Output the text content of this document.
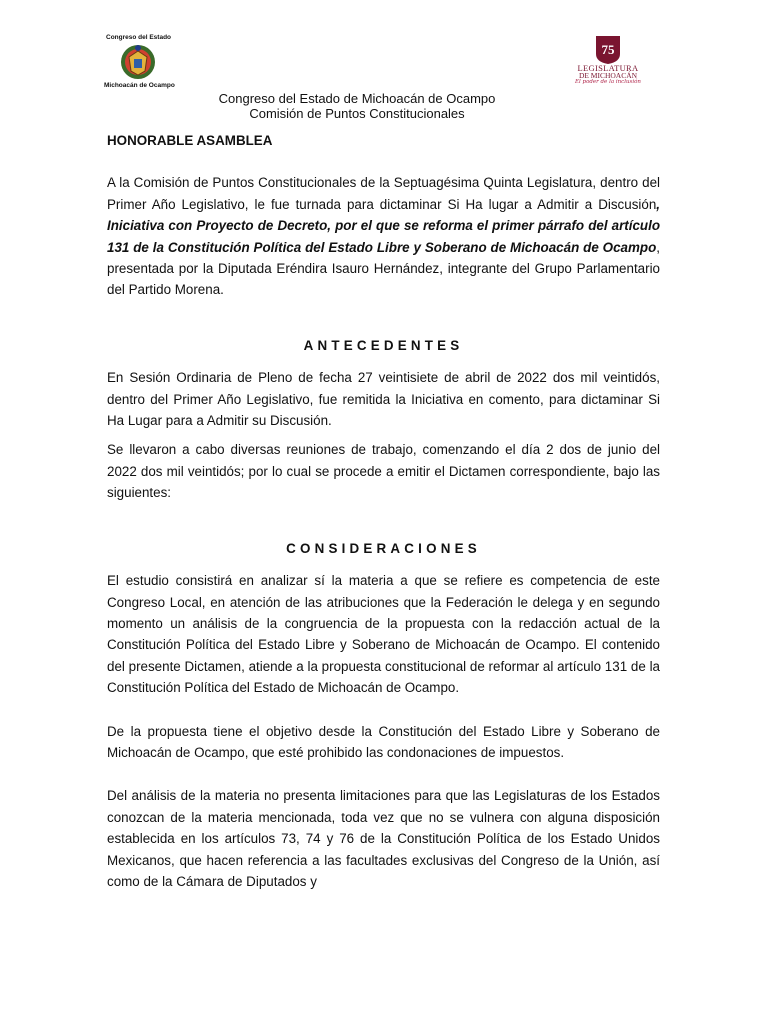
Congreso del Estado
Michoacán de Ocampo
75
LEGISLATURA
DE MICHOACÁN
El poder de la inclusión
Congreso del Estado de Michoacán de Ocampo
Comisión de Puntos Constitucionales

HONORABLE ASAMBLEA

A la Comisión de Puntos Constitucionales de la Septuagésima Quinta Legislatura, dentro del Primer Año Legislativo, le fue turnada para dictaminar Si Ha lugar a Admitir a Discusión, Iniciativa con Proyecto de Decreto, por el que se reforma el primer párrafo del artículo 131 de la Constitución Política del Estado Libre y Soberano de Michoacán de Ocampo, presentada por la Diputada Eréndira Isauro Hernández, integrante del Grupo Parlamentario del Partido Morena.

ANTECEDENTES

En Sesión Ordinaria de Pleno de fecha 27 veintisiete de abril de 2022 dos mil veintidós, dentro del Primer Año Legislativo, fue remitida la Iniciativa en comento, para dictaminar Si Ha Lugar para a Admitir su Discusión.

Se llevaron a cabo diversas reuniones de trabajo, comenzando el día 2 dos de junio del 2022 dos mil veintidós; por lo cual se procede a emitir el Dictamen correspondiente, bajo las siguientes:

CONSIDERACIONES

El estudio consistirá en analizar sí la materia a que se refiere es competencia de este Congreso Local, en atención de las atribuciones que la Federación le delega y en segundo momento un análisis de la congruencia de la propuesta con la redacción actual de la Constitución Política del Estado Libre y Soberano de Michoacán de Ocampo. El contenido del presente Dictamen, atiende a la propuesta constitucional de reformar al artículo 131 de la Constitución Política del Estado de Michoacán de Ocampo.

De la propuesta tiene el objetivo desde la Constitución del Estado Libre y Soberano de Michoacán de Ocampo, que esté prohibido las condonaciones de impuestos.

Del análisis de la materia no presenta limitaciones para que las Legislaturas de los Estados conozcan de la materia mencionada, toda vez que no se vulnera con alguna disposición establecida en los artículos 73, 74 y 76 de la Constitución Política de los Estado Unidos Mexicanos, que hacen referencia a las facultades exclusivas del Congreso de la Unión, así como de la Cámara de Diputados y
